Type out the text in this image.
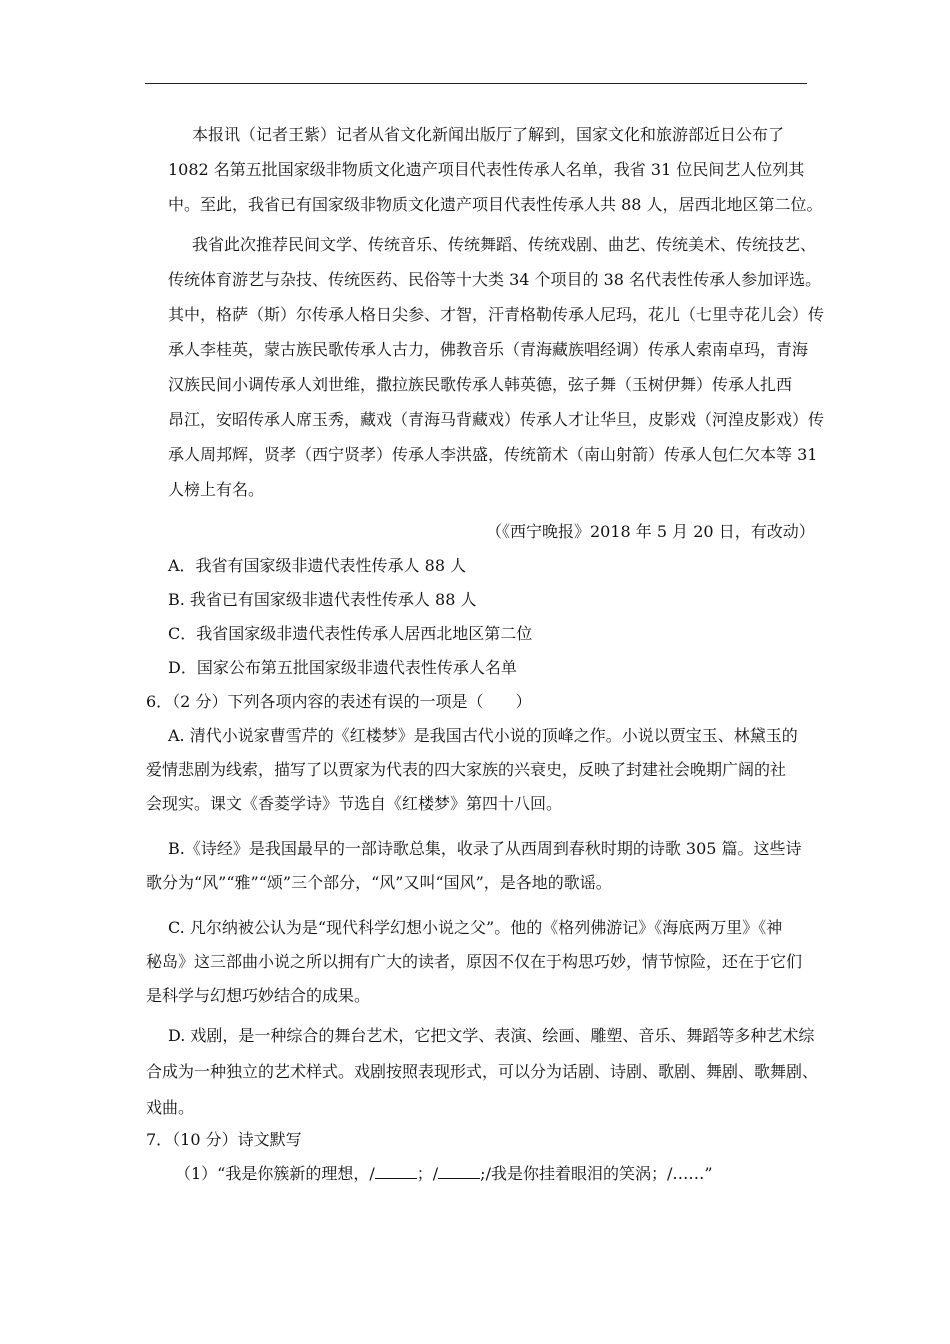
本报讯（记者王紫）记者从省文化新闻出版厅了解到，国家文化和旅游部近日公布了
1082 名第五批国家级非物质文化遗产项目代表性传承人名单，我省 31 位民间艺人位列其
中。至此，我省已有国家级非物质文化遗产项目代表性传承人共 88 人，居西北地区第二位。
我省此次推荐民间文学、传统音乐、传统舞蹈、传统戏剧、曲艺、传统美术、传统技艺、
传统体育游艺与杂技、传统医药、民俗等十大类 34 个项目的 38 名代表性传承人参加评选。
其中，格萨（斯）尔传承人格日尖参、才智，汗青格勒传承人尼玛，花儿（七里寺花儿会）传
承人李桂英，蒙古族民歌传承人古力，佛教音乐（青海藏族唱经调）传承人索南卓玛，青海
汉族民间小调传承人刘世维，撒拉族民歌传承人韩英德，弦子舞（玉树伊舞）传承人扎西
昂江，安昭传承人席玉秀，藏戏（青海马背藏戏）传承人才让华旦，皮影戏（河湟皮影戏）传
承人周邦辉，贤孝（西宁贤孝）传承人李洪盛，传统箭术（南山射箭）传承人包仁欠本等 31
人榜上有名。
（《西宁晚报》2018 年 5 月 20 日，有改动）
A．我省有国家级非遗代表性传承人 88 人
B. 我省已有国家级非遗代表性传承人 88 人
C．我省国家级非遗代表性传承人居西北地区第二位
D．国家公布第五批国家级非遗代表性传承人名单
6．（2 分）下列各项内容的表述有误的一项是（　　）
A. 清代小说家曹雪芹的《红楼梦》是我国古代小说的顶峰之作。小说以贾宝玉、林黛玉的
爱情悲剧为线索，描写了以贾家为代表的四大家族的兴衰史，反映了封建社会晚期广阔的社
会现实。课文《香菱学诗》节选自《红楼梦》第四十八回。
B.《诗经》是我国最早的一部诗歌总集，收录了从西周到春秋时期的诗歌 305 篇。这些诗
歌分为“风”“雅”“颂”三个部分，“风”又叫“国风”，是各地的歌谣。
C. 凡尔纳被公认为是“现代科学幻想小说之父”。他的《格列佛游记》《海底两万里》《神
秘岛》这三部曲小说之所以拥有广大的读者，原因不仅在于构思巧妙，情节惊险，还在于它们
是科学与幻想巧妙结合的成果。
D. 戏剧，是一种综合的舞台艺术，它把文学、表演、绘画、雕塑、音乐、舞蹈等多种艺术综
合成为一种独立的艺术样式。戏剧按照表现形式，可以分为话剧、诗剧、歌剧、舞剧、歌舞剧、
戏曲。
7．（10 分）诗文默写
（1）“我是你簇新的理想，/	；/	;/我是你挂着眼泪的笑涡；/……”
